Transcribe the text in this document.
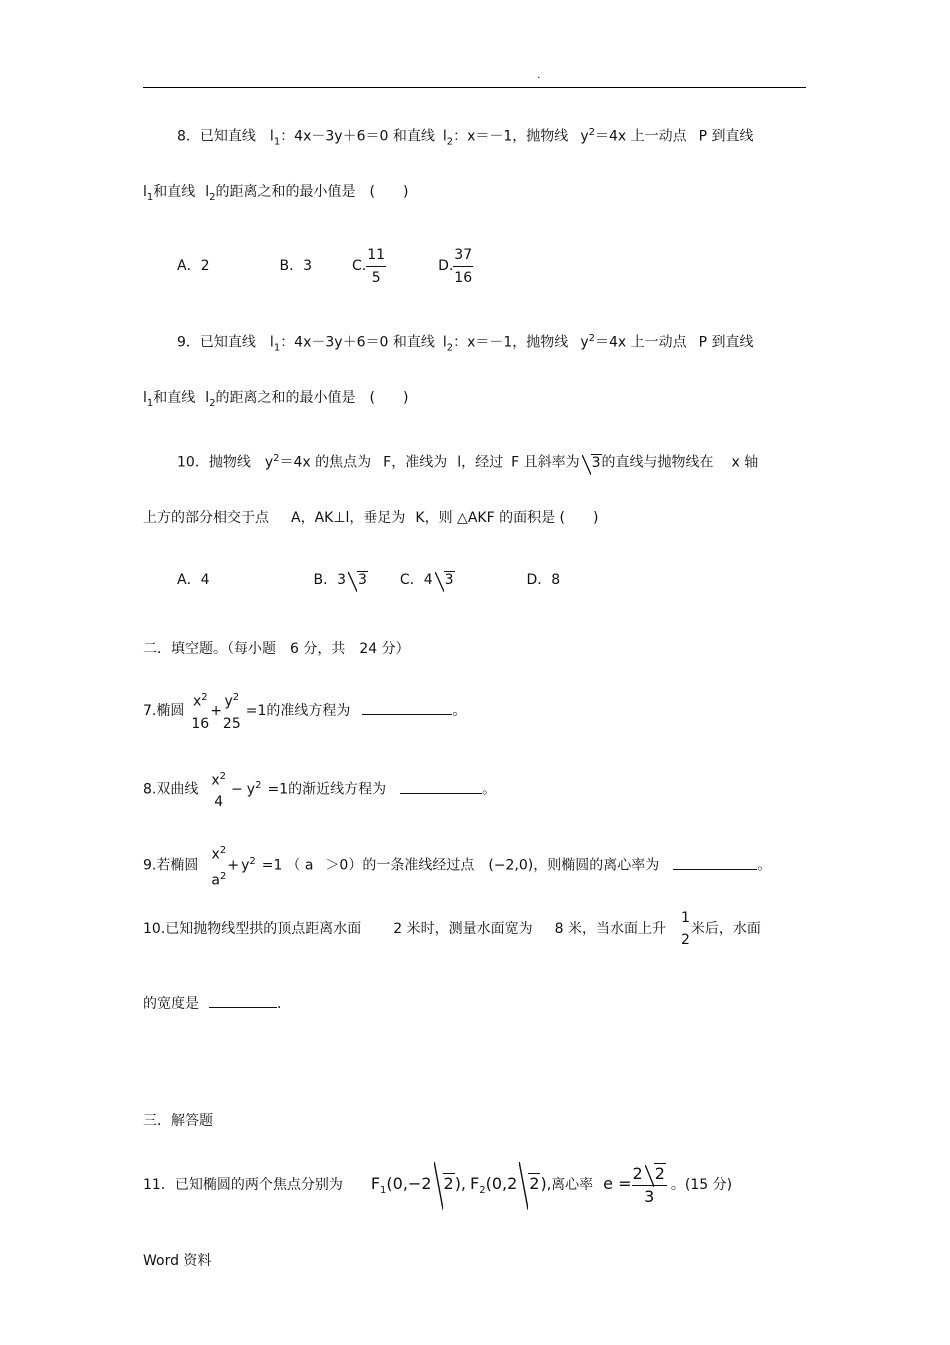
.
8．已知直线 $l_1$：4x－3y＋6＝0 和直线 $l_2$：x＝－1，抛物线 $y^2=4x$ 上一动点 P 到直线
$l_1$和直线 $l_2$的距离之和的最小值是 (　　)
A．2	B．3	C. $\frac{11}{5}$	D. $\frac{37}{16}$
9．已知直线 $l_1$：4x－3y＋6＝0 和直线 $l_2$：x＝－1，抛物线 $y^2=4x$ 上一动点 P 到直线
$l_1$和直线 $l_2$的距离之和的最小值是 (　　)
10．抛物线 $y^2=4x$ 的焦点为 F，准线为 l，经过 F 且斜率为 3的直线与抛物线在 x 轴
上方的部分相交于点 A，AK⊥l，垂足为 K，则 △AKF 的面积是 (　　)
A．4	B．3 3 C．4 3	D．8
二．填空题。（每小题　6 分，共　24 分）
7.椭圆
$x^2$
16
+
$y^2$
25
=1的准线方程为	。
8.双曲线
$x^2$
4
− $y^2 =1$的渐近线方程为	。
9.若椭圆
$x^2$
$a^2$
+ $y^2 =1$ （ a ＞0）的一条准线经过点 (−2,0)，则椭圆的离心率为	。
10.已知抛物线型拱的顶点距离水面 2 米时，测量水面宽为 8 米，当水面上升
1
2
米后，水面
的宽度是	.
三．解答题
11．已知椭圆的两个焦点分别为 $F_1(0,-2$ 2), $F_2(0,2$ 2),离心率 $e = \frac{2 2}{3}$ 。(15 分)
Word 资料
